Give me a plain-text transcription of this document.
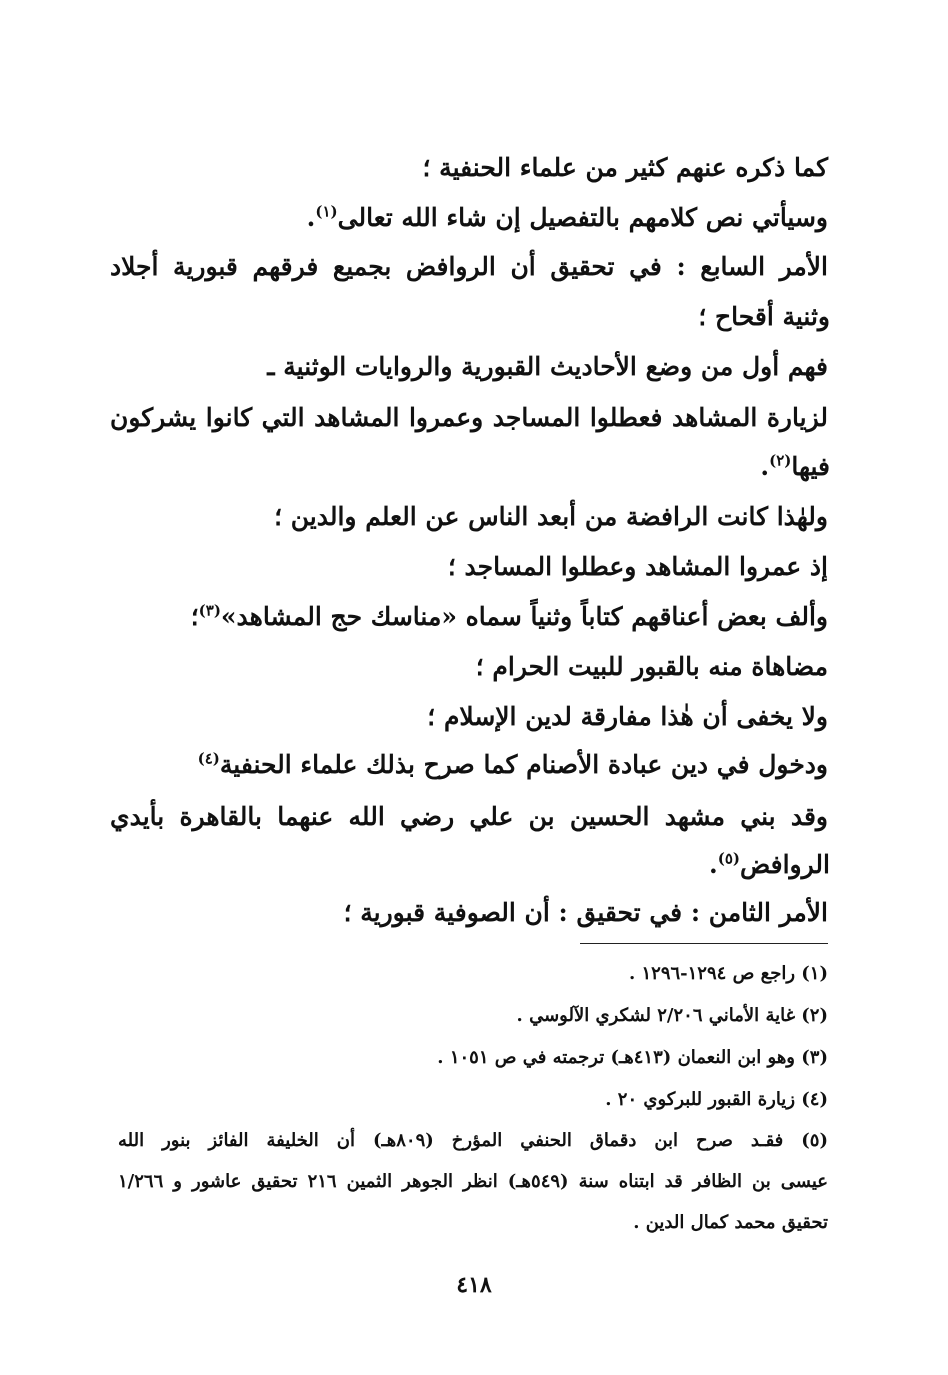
كما ذكره عنهم كثير من علماء الحنفية ؛
وسيأتي نص كلامهم بالتفصيل إن شاء الله تعالى$^{(١)}$.
الأمر السابع : في تحقيق أن الروافض بجميع فرقهم قبورية أجلاد
وثنية أقحاح ؛
فهم أول من وضع الأحاديث القبورية والروايات الوثنية ـ
لزيارة المشاهد فعطلوا المساجد وعمروا المشاهد التي كانوا يشركون
فيها$^{(٢)}$.
ولهٰذا كانت الرافضة من أبعد الناس عن العلم والدين ؛
إذ عمروا المشاهد وعطلوا المساجد ؛
وألف بعض أعناقهم كتاباً وثنياً سماه «مناسك حج المشاهد»$^{(٣)}$؛
مضاهاة منه بالقبور للبيت الحرام ؛
ولا يخفى أن هٰذا مفارقة لدين الإسلام ؛
ودخول في دين عبادة الأصنام كما صرح بذلك علماء الحنفية$^{(٤)}$
وقد بني مشهد الحسين بن علي رضي الله عنهما بالقاهرة بأيدي
الروافض$^{(٥)}$.
الأمر الثامن : في تحقيق : أن الصوفية قبورية ؛
(١) راجع ص ١٢٩٤-١٢٩٦ .
(٢) غاية الأماني ٢/٢٠٦ لشكري الآلوسي .
(٣) وهو ابن النعمان (٤١٣هـ) ترجمته في ص ١٠٥١ .
(٤) زيارة القبور للبركوي ٢٠ .
(٥) فقـد صرح ابن دقماق الحنفي المؤرخ (٨٠٩هـ) أن الخليفة الفائز بنور الله
عيسى بن الظافر قد ابتناه سنة (٥٤٩هـ) انظر الجوهر الثمين ٢١٦ تحقيق عاشور و ١/٢٦٦
تحقيق محمد كمال الدين .
٤١٨
